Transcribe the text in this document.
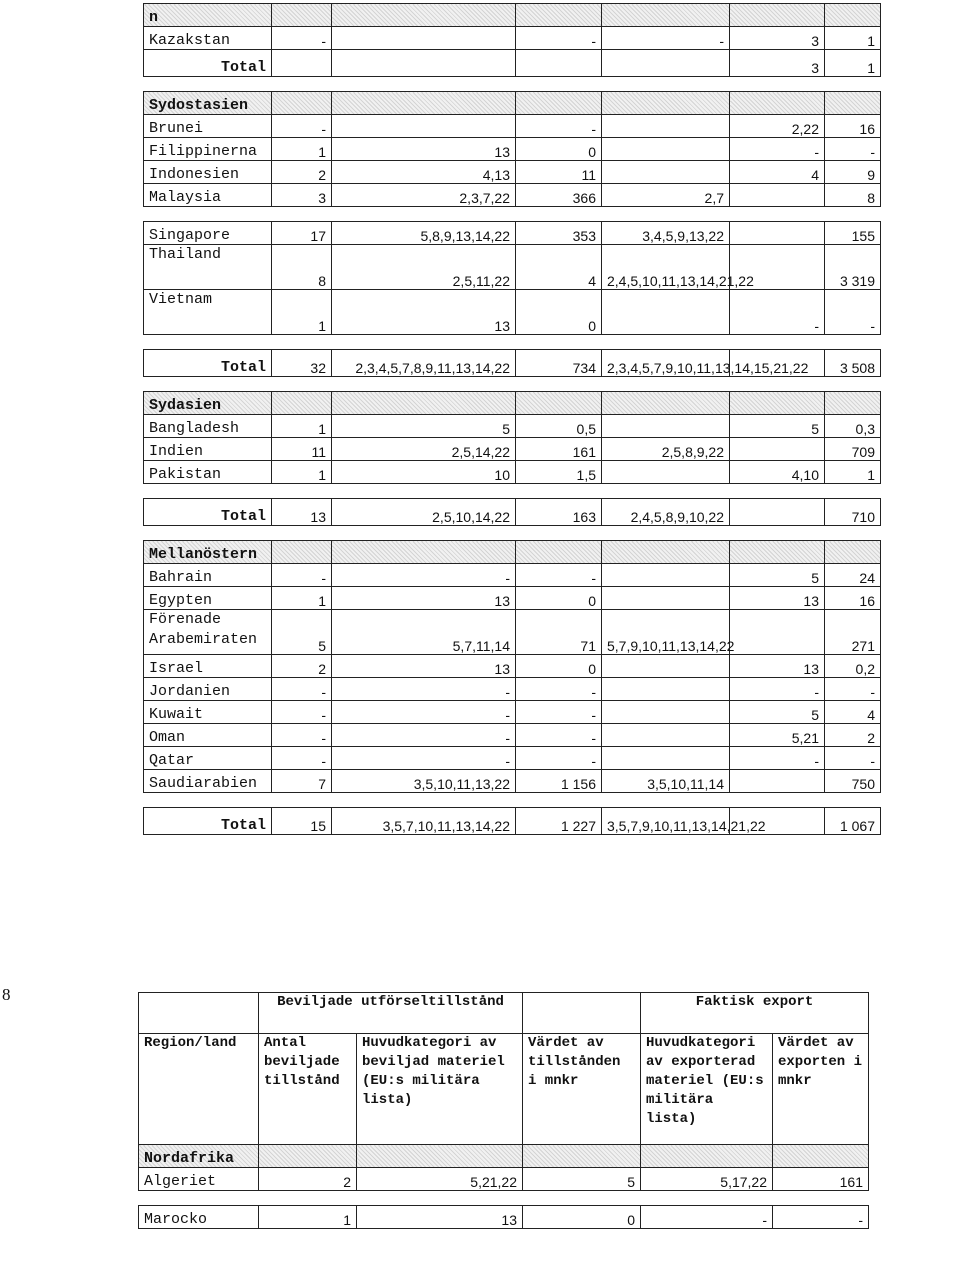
8
n						
Kazakstan	-		-	-	3	1
Total					3	1

Sydostasien						
Brunei	-		-		2,22	16
Filippinerna	1	13	0		-	-
Indonesien	2	4,13	11		4	9
Malaysia	3	2,3,7,22	366	2,7		8

Singapore	17	5,8,9,13,14,22	353	3,4,5,9,13,22		155
Thailand	8	2,5,11,22	4	2,4,5,10,11,13,14,21,22		3 319
Vietnam	1	13	0		-	-

Total	32	2,3,4,5,7,8,9,11,13,14,22	734	2,3,4,5,7,9,10,11,13,14,15,21,22		3 508

Sydasien						
Bangladesh	1	5	0,5		5	0,3
Indien	11	2,5,14,22	161	2,5,8,9,22		709
Pakistan	1	10	1,5		4,10	1

Total	13	2,5,10,14,22	163	2,4,5,8,9,10,22		710

Mellanöstern						
Bahrain	-	-	-		5	24
Egypten	1	13	0		13	16
Förenade Arabemiraten	5	5,7,11,14	71	5,7,9,10,11,13,14,22		271
Israel	2	13	0		13	0,2
Jordanien	-	-	-		-	-
Kuwait	-	-	-		5	4
Oman	-	-	-		5,21	2
Qatar	-	-	-		-	-
Saudiarabien	7	3,5,10,11,13,22	1 156	3,5,10,11,14		750

Total	15	3,5,7,10,11,13,14,22	1 227	3,5,7,9,10,11,13,14,21,22		1 067
	Beviljade utförseltillstånd			Faktisk export	
Region/land	Antal beviljade tillstånd	Huvudkategori av beviljad materiel (EU:s militära lista)	Värdet av tillstånden i mnkr	Huvudkategori av exporterad materiel (EU:s militära lista)	Värdet av exporten i mnkr
Nordafrika					
Algeriet	2	5,21,22	5	5,17,22	161

Marocko	1	13	0	-	-
